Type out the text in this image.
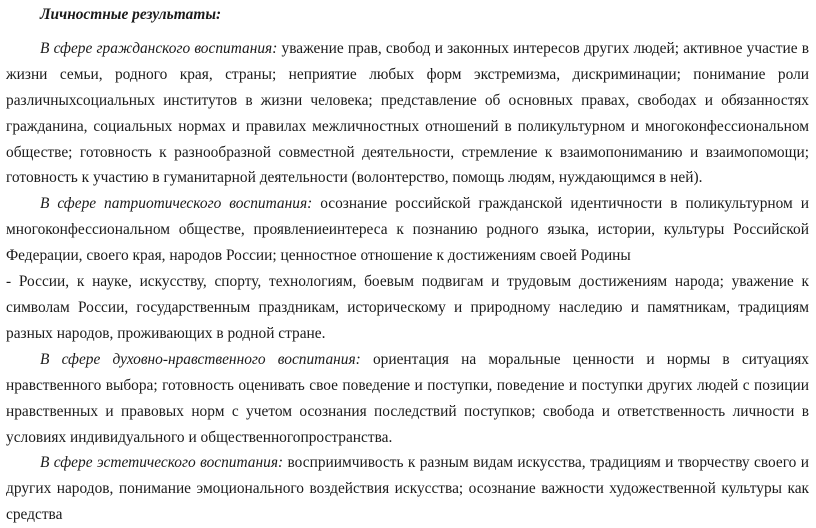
Личностные результаты:

В сфере гражданского воспитания: уважение прав, свобод и законных интересов других людей; активное участие в жизни семьи, родного края, страны; неприятие любых форм экстремизма, дискриминации; понимание роли различныхсоциальных институтов в жизни человека; представление об основных правах, свободах и обязанностях гражданина, социальных нормах и правилах межличностных отношений в поликультурном и многоконфессиональном обществе; готовность к разнообразной совместной деятельности, стремление к взаимопониманию и взаимопомощи; готовность к участию в гуманитарной деятельности (волонтерство, помощь людям, нуждающимся в ней).

В сфере патриотического воспитания: осознание российской гражданской идентичности в поликультурном и многоконфессиональном обществе, проявлениеинтереса к познанию родного языка, истории, культуры Российской Федерации, своего края, народов России; ценностное отношение к достижениям своей Родины

- России, к науке, искусству, спорту, технологиям, боевым подвигам и трудовым достижениям народа; уважение к символам России, государственным праздникам, историческому и природному наследию и памятникам, традициям разных народов, проживающих в родной стране.

В сфере духовно-нравственного воспитания: ориентация на моральные ценности и нормы в ситуациях нравственного выбора; готовность оценивать свое поведение и поступки, поведение и поступки других людей с позиции нравственных и правовых норм с учетом осознания последствий поступков; свобода и ответственность личности в условиях индивидуального и общественногопространства.

В сфере эстетического воспитания: восприимчивость к разным видам искусства, традициям и творчеству своего и других народов, понимание эмоционального воздействия искусства; осознание важности художественной культуры как средства
